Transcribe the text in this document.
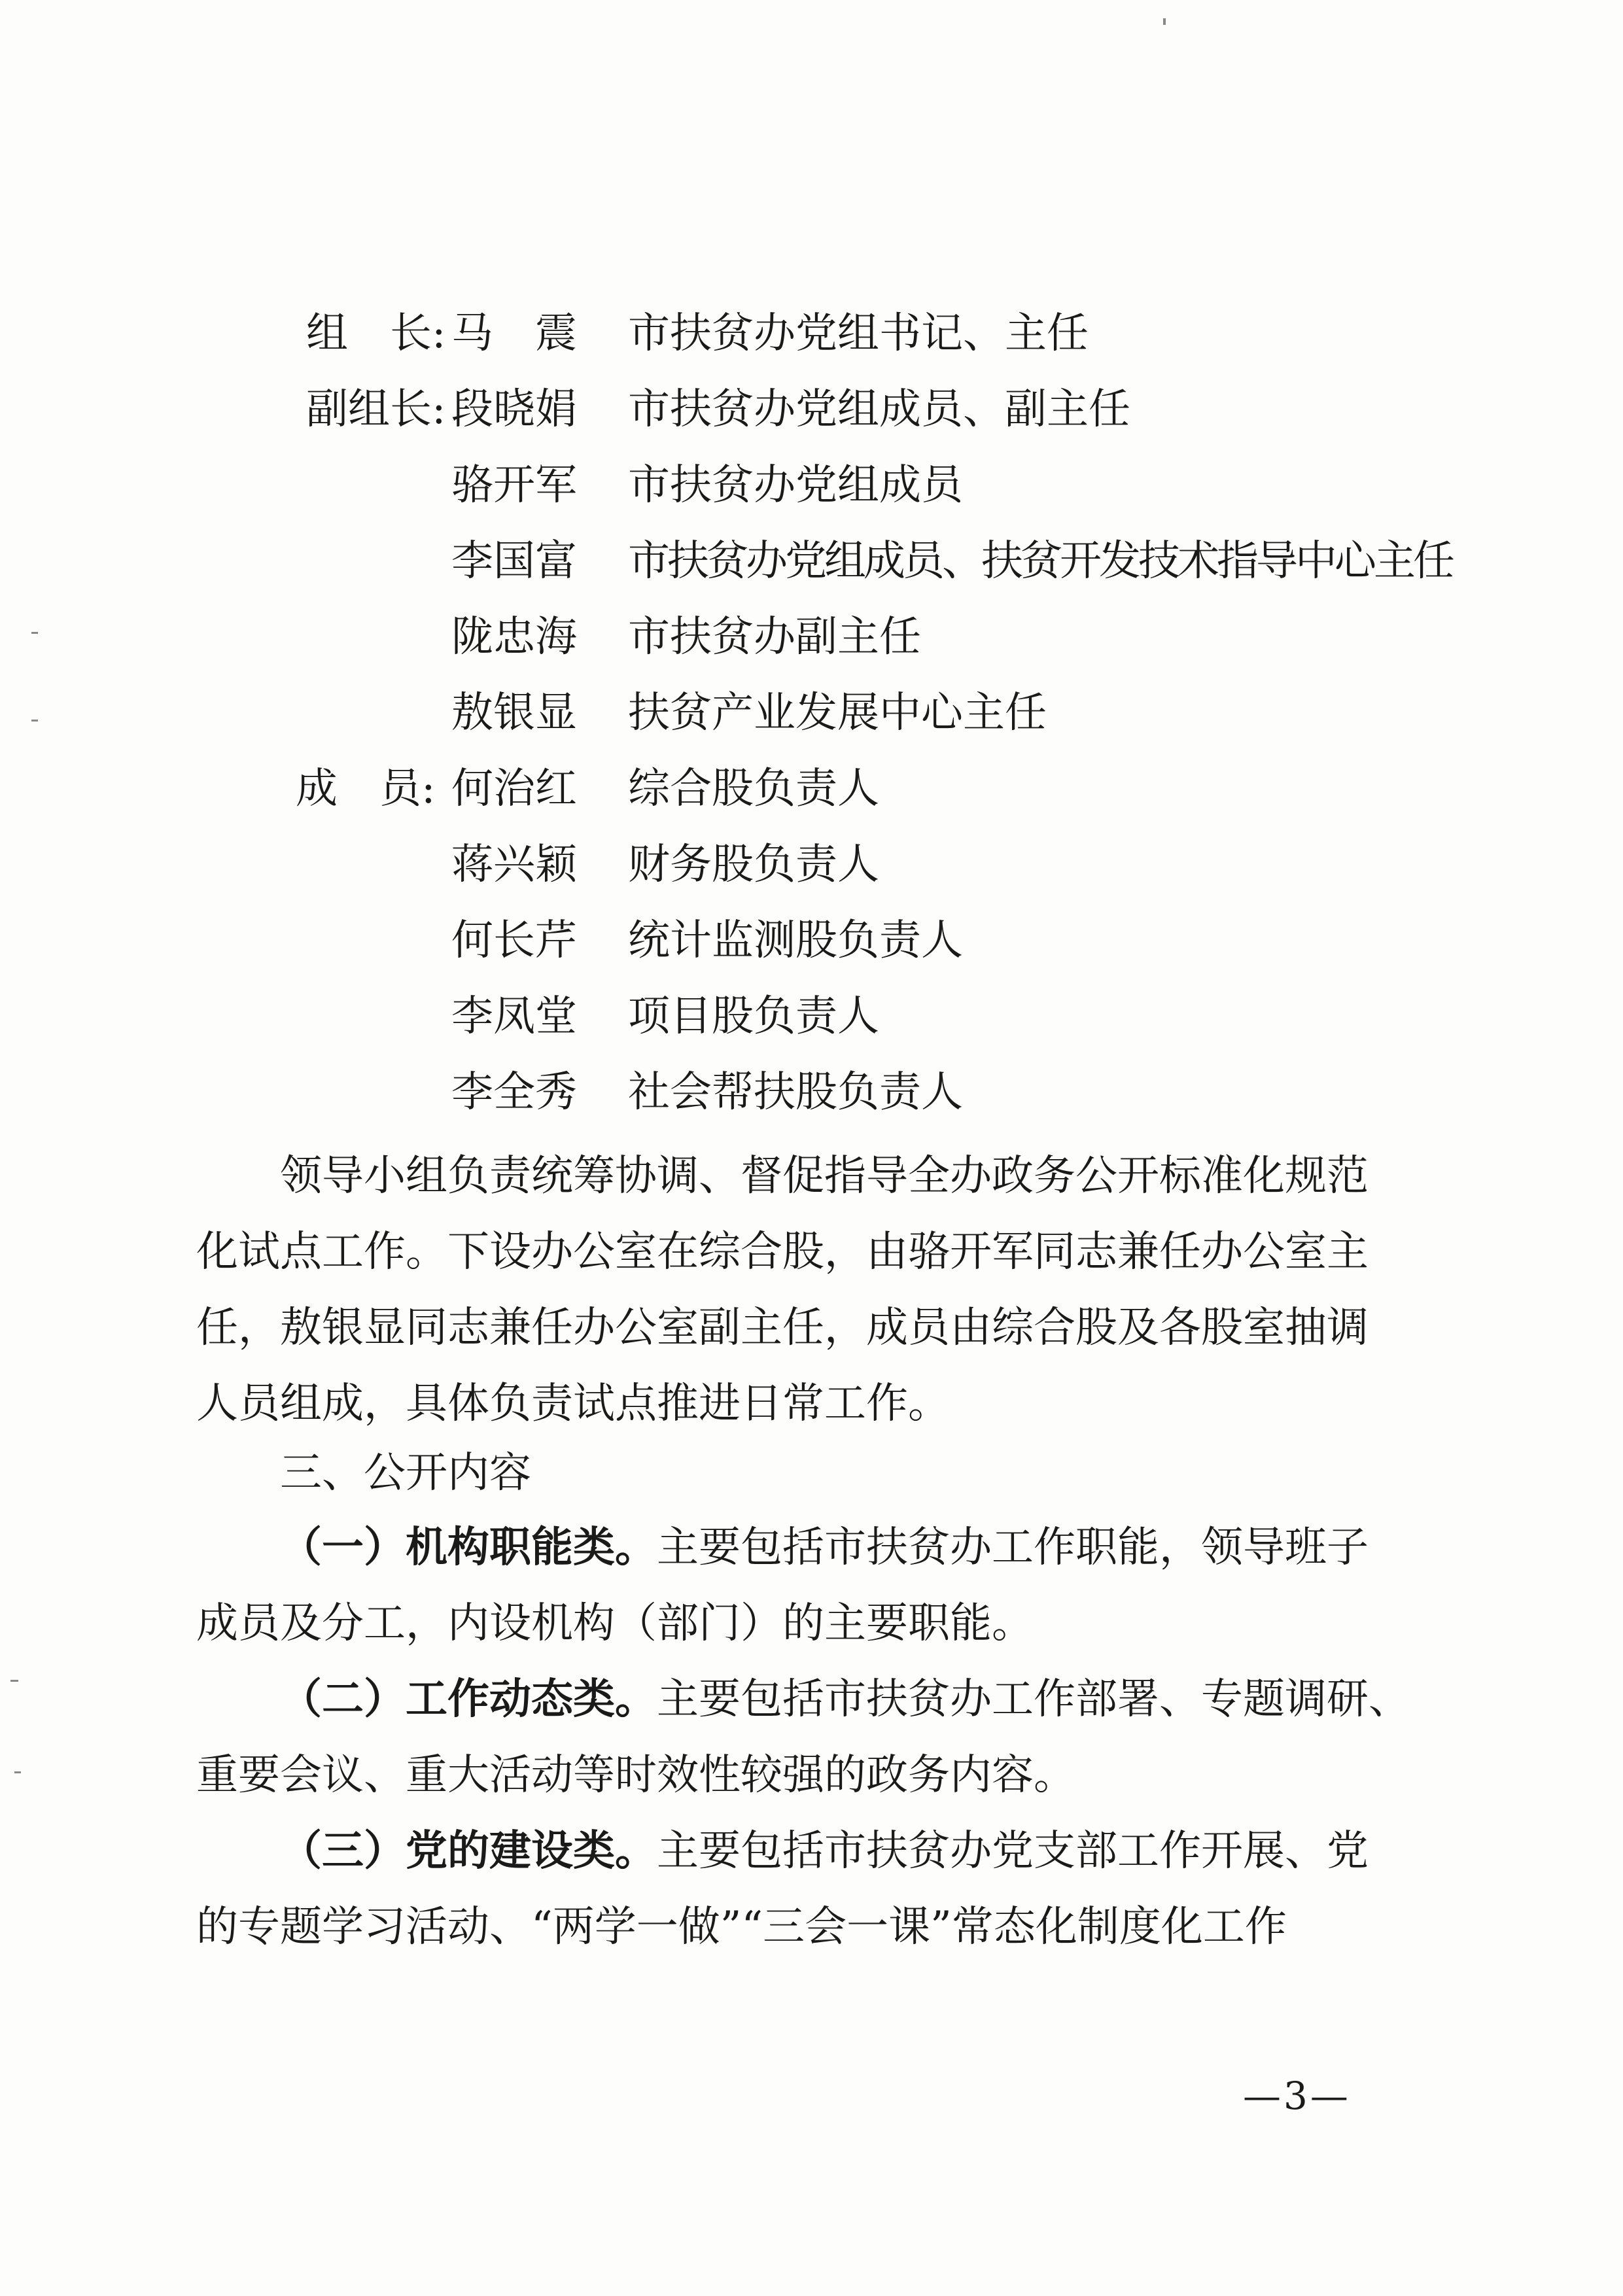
组　长: 马　震 市扶贫办党组书记、主任
副组长: 段晓娟 市扶贫办党组成员、副主任
骆开军 市扶贫办党组成员
李国富 市扶贫办党组成员、扶贫开发技术指导中心主任
陇忠海 市扶贫办副主任
敖银显 扶贫产业发展中心主任
成　员: 何治红 综合股负责人
蒋兴颖 财务股负责人
何长芹 统计监测股负责人
李凤堂 项目股负责人
李全秀 社会帮扶股负责人
领导小组负责统筹协调、督促指导全办政务公开标准化规范
化试点工作。下设办公室在综合股，由骆开军同志兼任办公室主
任，敖银显同志兼任办公室副主任，成员由综合股及各股室抽调
人员组成，具体负责试点推进日常工作。
三、公开内容
（一）机构职能类。主要包括市扶贫办工作职能，领导班子
成员及分工，内设机构（部门）的主要职能。
（二）工作动态类。主要包括市扶贫办工作部署、专题调研、
重要会议、重大活动等时效性较强的政务内容。
（三）党的建设类。主要包括市扶贫办党支部工作开展、党
的专题学习活动、“两学一做”“三会一课”常态化制度化工作
—3—
